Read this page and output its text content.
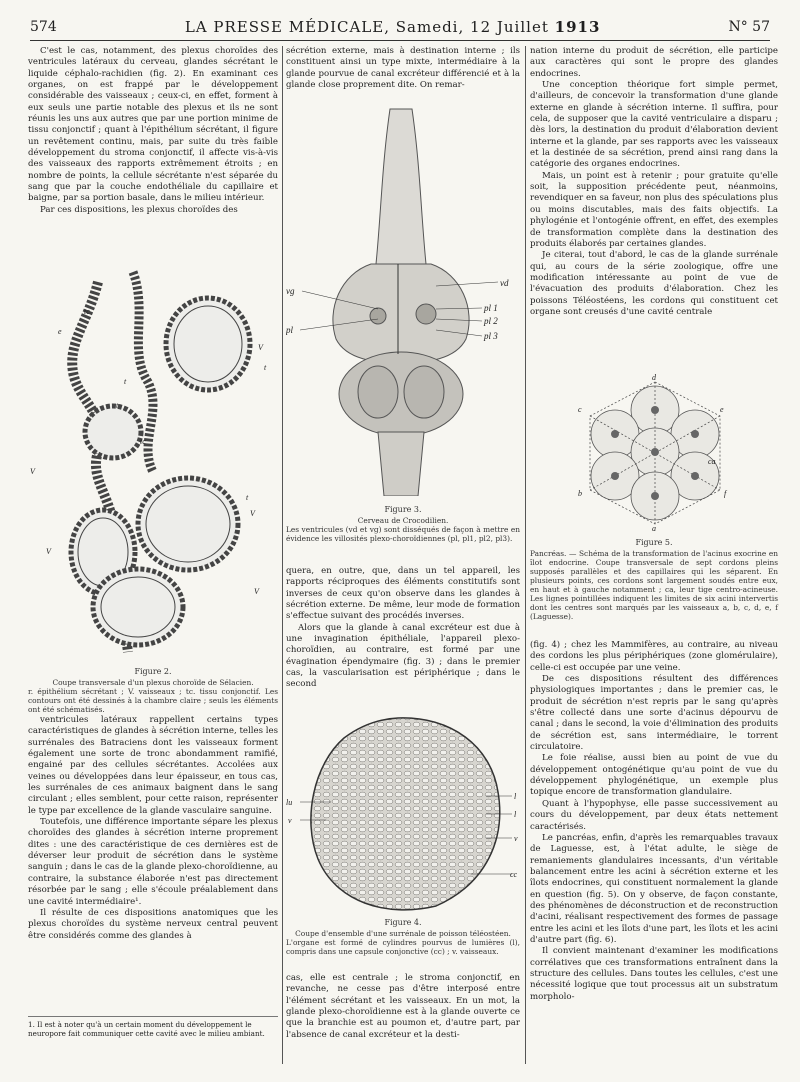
574	LA PRESSE MÉDICALE, Samedi, 12 Juillet 1913	N° 57

C'est le cas, notamment, des plexus choroïdes des ventricules latéraux du cerveau, glandes sécrétant le liquide céphalo-rachidien (fig. 2). En examinant ces organes, on est frappé par le développement considérable des vaisseaux ; ceux-ci, en effet, forment à eux seuls une partie notable des plexus et ils ne sont réunis les uns aux autres que par une portion minime de tissu conjonctif ; quant à l'épithélium sécrétant, il figure un revêtement continu, mais, par suite du très faible développement du stroma conjonctif, il affecte vis-à-vis des vaisseaux des rapports extrêmement étroits ; en nombre de points, la cellule sécrétante n'est séparée du sang que par la couche endothéliale du capillaire et baigne, par sa portion basale, dans le milieu intérieur.

Par ces dispositions, les plexus choroïdes des

tc
e
t
t
V
t
tc
V
t
V
V
V
Figure 2.
Coupe transversale d'un plexus choroïde de Sélacien.
r. épithélium sécrétant ; V. vaisseaux ; tc. tissu conjonctif. Les contours ont été dessinés à la chambre claire ; seuls les éléments ont été schématisés.

ventricules latéraux rappellent certains types caractéristiques de glandes à sécrétion interne, telles les surrénales des Batraciens dont les vaisseaux forment également une sorte de tronc abondamment ramifié, engainé par des cellules sécrétantes. Accolées aux veines ou développées dans leur épaisseur, en tous cas, les surrénales de ces animaux baignent dans le sang circulant ; elles semblent, pour cette raison, représenter le type par excellence de la glande vasculaire sanguine.

Toutefois, une différence importante sépare les plexus choroïdes des glandes à sécrétion interne proprement dites : une des caractéristique de ces dernières est de déverser leur produit de sécrétion dans le système sanguin ; dans le cas de la glande plexo-choroïdienne, au contraire, la substance élaborée n'est pas directement résorbée par le sang ; elle s'écoule préalablement dans une cavité intermédiaire¹.

Il résulte de ces dispositions anatomiques que les plexus choroïdes du système nerveux central peuvent être considérés comme des glandes à

1. Il est à noter qu'à un certain moment du développement le neuropore fait communiquer cette cavité avec le milieu ambiant.

sécrétion externe, mais à destination interne ; ils constituent ainsi un type mixte, intermédiaire à la glande pourvue de canal excréteur différencié et à la glande close proprement dite. On remar-

vg
vd
pl
pl 1
pl 2
pl 3
Figure 3.
Cerveau de Crocodilien.
Les ventricules (vd et vg) sont disséqués de façon à mettre en évidence les villosités plexo-choroïdiennes (pl, pl1, pl2, pl3).

quera, en outre, que, dans un tel appareil, les rapports réciproques des éléments constitutifs sont inverses de ceux qu'on observe dans les glandes à sécrétion externe. De même, leur mode de formation s'effectue suivant des procédés inverses.

Alors que la glande à canal excréteur est due à une invagination épithéliale, l'appareil plexo-choroïdien, au contraire, est formé par une évagination épendymaire (fig. 3) ; dans le premier cas, la vascularisation est périphérique ; dans le second

lu
v
l
l
v
cc
Figure 4.
Coupe d'ensemble d'une surrénale de poisson téléostéen.
L'organe est formé de cylindres pourvus de lumières (l), compris dans une capsule conjonctive (cc) ; v. vaisseaux.

cas, elle est centrale ; le stroma conjonctif, en revanche, ne cesse pas d'être interposé entre l'élément sécrétant et les vaisseaux. En un mot, la glande plexo-choroïdienne est à la glande ouverte ce que la branchie est au poumon et, d'autre part, par l'absence de canal excréteur et la desti-

nation interne du produit de sécrétion, elle participe aux caractères qui sont le propre des glandes endocrines.

Une conception théorique fort simple permet, d'ailleurs, de concevoir la transformation d'une glande externe en glande à sécrétion interne. Il suffira, pour cela, de supposer que la cavité ventriculaire a disparu ; dès lors, la destination du produit d'élaboration devient interne et la glande, par ses rapports avec les vaisseaux et la destinée de sa sécrétion, prend ainsi rang dans la catégorie des organes endocrines.

Mais, un point est à retenir ; pour gratuite qu'elle soit, la supposition précédente peut, néanmoins, revendiquer en sa faveur, non plus des spéculations plus ou moins discutables, mais des faits objectifs. La phylogénie et l'ontogénie offrent, en effet, des exemples de transformation complète dans la destination des produits élaborés par certaines glandes.

Je citerai, tout d'abord, le cas de la glande surrénale qui, au cours de la série zoologique, offre une modification intéressante au point de vue de l'évacuation des produits d'élaboration. Chez les poissons Téléostéens, les cordons qui constituent cet organe sont creusés d'une cavité centrale

d
e
c
f
b
a
ca
Figure 5.
Pancréas. — Schéma de la transformation de l'acinus exocrine en îlot endocrine. Coupe transversale de sept cordons pleins supposés parallèles et des capillaires qui les séparent. En plusieurs points, ces cordons sont largement soudés entre eux, en haut et à gauche notamment ; ca, leur tige centro-acineuse. Les lignes pointillées indiquent les limites de six acini intervertis dont les centres sont marqués par les vaisseaux a, b, c, d, e, f (Laguesse).

(fig. 4) ; chez les Mammifères, au contraire, au niveau des cordons les plus périphériques (zone glomérulaire), celle-ci est occupée par une veine.

De ces dispositions résultent des différences physiologiques importantes ; dans le premier cas, le produit de sécrétion n'est repris par le sang qu'après s'être collecté dans une sorte d'acinus dépourvu de canal ; dans le second, la voie d'élimination des produits de sécrétion est, sans intermédiaire, le torrent circulatoire.

Le foie réalise, aussi bien au point de vue du développement ontogénétique qu'au point de vue du développement phylogénétique, un exemple plus topique encore de transformation glandulaire.

Quant à l'hypophyse, elle passe successivement au cours du développement, par deux états nettement caractérisés.

Le pancréas, enfin, d'après les remarquables travaux de Laguesse, est, à l'état adulte, le siège de remaniements glandulaires incessants, d'un véritable balancement entre les acini à sécrétion externe et les îlots endocrines, qui constituent normalement la glande en question (fig. 5). On y observe, de façon constante, des phénomènes de déconstruction et de reconstruction d'acini, réalisant respectivement des formes de passage entre les acini et les îlots d'une part, les îlots et les acini d'autre part (fig. 6).

Il convient maintenant d'examiner les modifications corrélatives que ces transformations entraînent dans la structure des cellules. Dans toutes les cellules, c'est une nécessité logique que tout processus ait un substratum morpholo-
